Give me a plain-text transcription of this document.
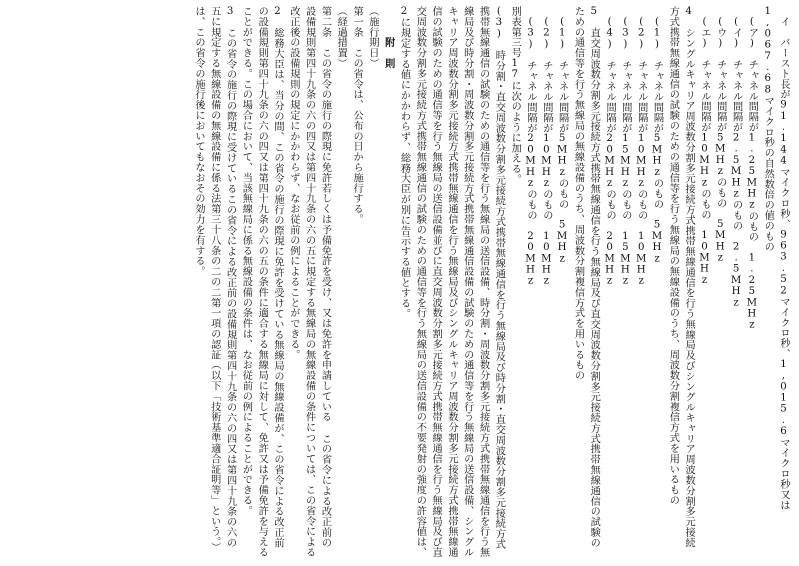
　イ　バースト長が91.144マイクロ秒、963.52マイクロ秒、1,015.6マイクロ秒又は1,067.68マイクロ秒の自然数倍の値のもの
　(ア)　チャネル間隔が1.25MHzのもの　1.25MHz
　(イ)　チャネル間隔が2.5MHzのもの　2.5MHz
　(ウ)　チャネル間隔が5MHzのもの　5MHz
　(エ)　チャネル間隔が10MHzのもの　10MHz
4　シングルキャリア周波数分割多元接続方式携帯無線通信を行う無線局及びシングルキャリア周波数分割多元接続方式携帯無線通信の試験のための通信等を行う無線局の無線設備のうち、周波数分割複信方式を用いるもの
　(1)　チャネル間隔が5MHzのもの　5MHz
　(2)　チャネル間隔が10MHzのもの　10MHz
　(3)　チャネル間隔が15MHzのもの　15MHz
　(4)　チャネル間隔が20MHzのもの　20MHz
5　直交周波数分割多元接続方式携帯無線通信を行う無線局及び直交周波数分割多元接続方式携帯無線通信の試験のための通信等を行う無線局の無線設備のうち、周波数分割複信方式を用いるもの
　(1)　チャネル間隔が5MHzのもの　5MHz
　(2)　チャネル間隔が10MHzのもの　10MHz
　(3)　チャネル間隔が20MHzのもの　20MHz
別表第三号17に次のように加える。
(3)　時分割・直交周波数分割多元接続方式携帯無線通信を行う無線局及び時分割・直交周波数分割多元接続方式携帯無線通信の試験のための通信等を行う無線局の送信設備、時分割・周波数分割多元接続方式携帯無線通信を行う無線局及び時分割・周波数分割多元接続方式携帯無線通信設備の試験のための通信等を行う無線局の送信設備、シングルキャリア周波数分割多元接続方式携帯無線通信を行う無線局及びシングルキャリア周波数分割多元接続方式携帯無線通信の試験のための通信等を行う無線局の送信設備並びに直交周波数分割多元接続方式携帯無線通信を行う無線局及び直交周波数分割多元接続方式携帯無線通信の試験のための通信等を行う無線局の送信設備の不要発射の強度の許容値は、2に規定する値にかかわらず、総務大臣が別に告示する値とする。
　　　附　則
（施行期日）
第一条　この省令は、公布の日から施行する。
（経過措置）
第二条　この省令の施行の際現に免許若しくは予備免許を受け、又は免許を申請している この省令による改正前の設備規則第四十九条の六の四又は第四十九条の六の五に規定する無線局の無線設備の条件については、この省令による改正後の設備規則の規定にかかわらず、なお従前の例によることができる。
2　総務大臣は、当分の間、この省令の施行の際現に免許を受けている無線局の無線設備が、この省令による改正前の設備規則第四十九条の六の四又は第四十九条の六の五の条件に適合する無線局に対して、免許又は予備免許を与えることができる。この場合において、当該無線局に係る無線設備の条件は、なお従前の例によることができる。
3　この省令の施行の際現に受けているこの省令による改正前の設備規則第四十九条の六の四又は第四十九条の六の五に規定する無線設備の無線設備に係る法第三十八条の二の二第一項の認証（以下「技術基準適合証明等」という。）は、この省令の施行後においてもなおその効力を有する。
